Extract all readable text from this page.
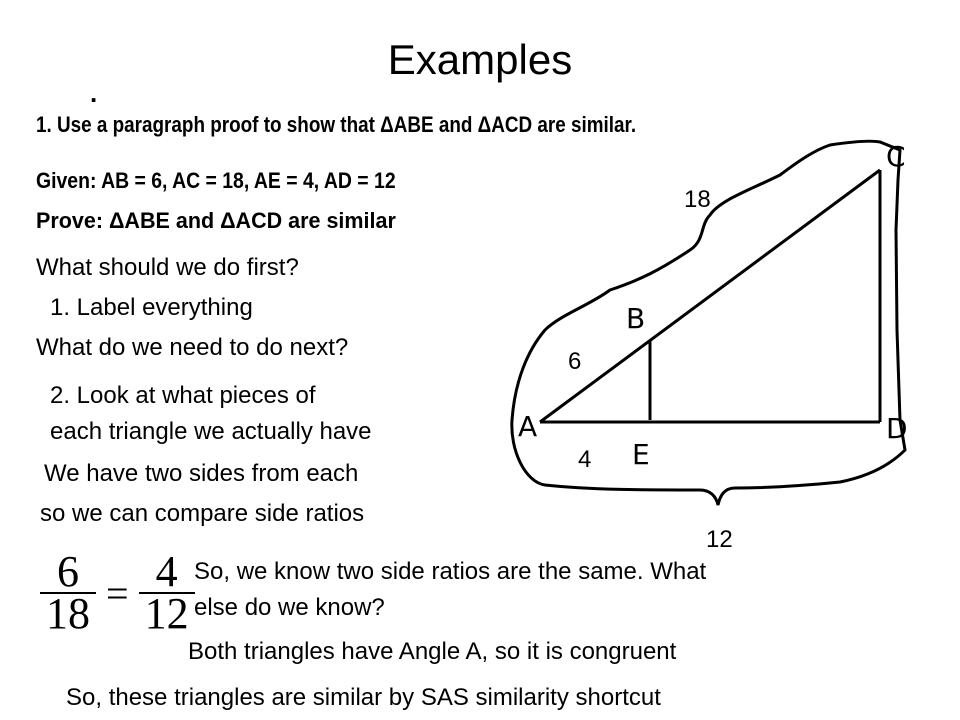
Examples
.
1. Use a paragraph proof to show that ΔABE and ΔACD are similar.
Given: AB = 6, AC = 18, AE = 4, AD = 12
Prove: ΔABE and ΔACD are similar
What should we do first?
1. Label everything
What do we need to do next?
2. Look at what pieces of
each triangle we actually have
We have two sides from each
so we can compare side ratios
A
B
C
D
E
18
6
4
12
$\frac{6}{18} = \frac{4}{12} So$, we know two side ratios are the same. What
else do we know?
Both triangles have Angle A, so it is congruent
So, these triangles are similar by SAS similarity shortcut
